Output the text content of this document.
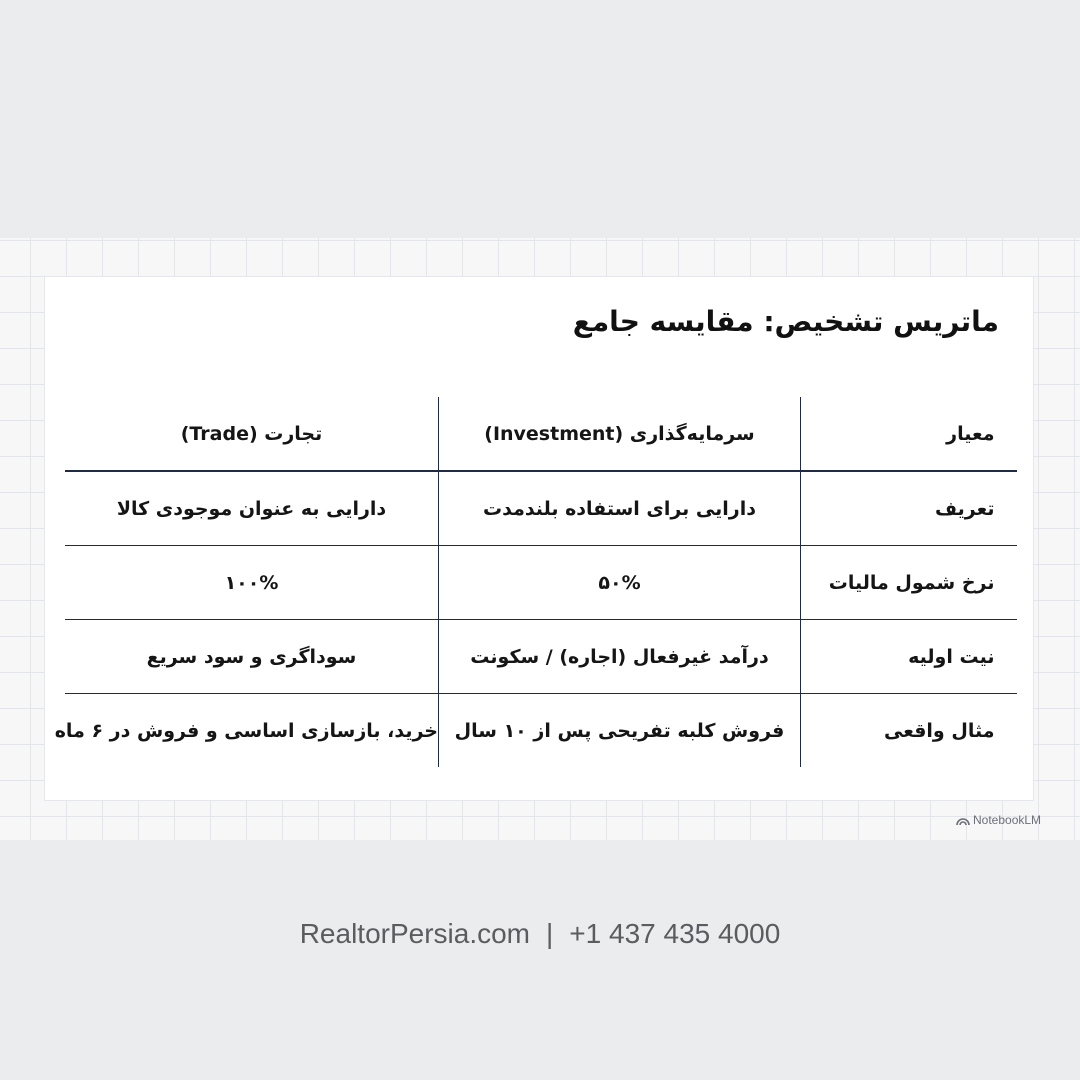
ماتریس تشخیص: مقایسه جامع
معیار	سرمایه‌گذاری (Investment)	تجارت (Trade)
تعریف	دارایی برای استفاده بلندمدت	دارایی به عنوان موجودی کالا
نرخ شمول مالیات	۵۰%	۱۰۰%
نیت اولیه	درآمد غیرفعال (اجاره) / سکونت	سوداگری و سود سریع
مثال واقعی	فروش کلبه تفریحی پس از ۱۰ سال	خرید، بازسازی اساسی و فروش در ۶ ماه
NotebookLM
RealtorPersia.com | +1 437 435 4000
